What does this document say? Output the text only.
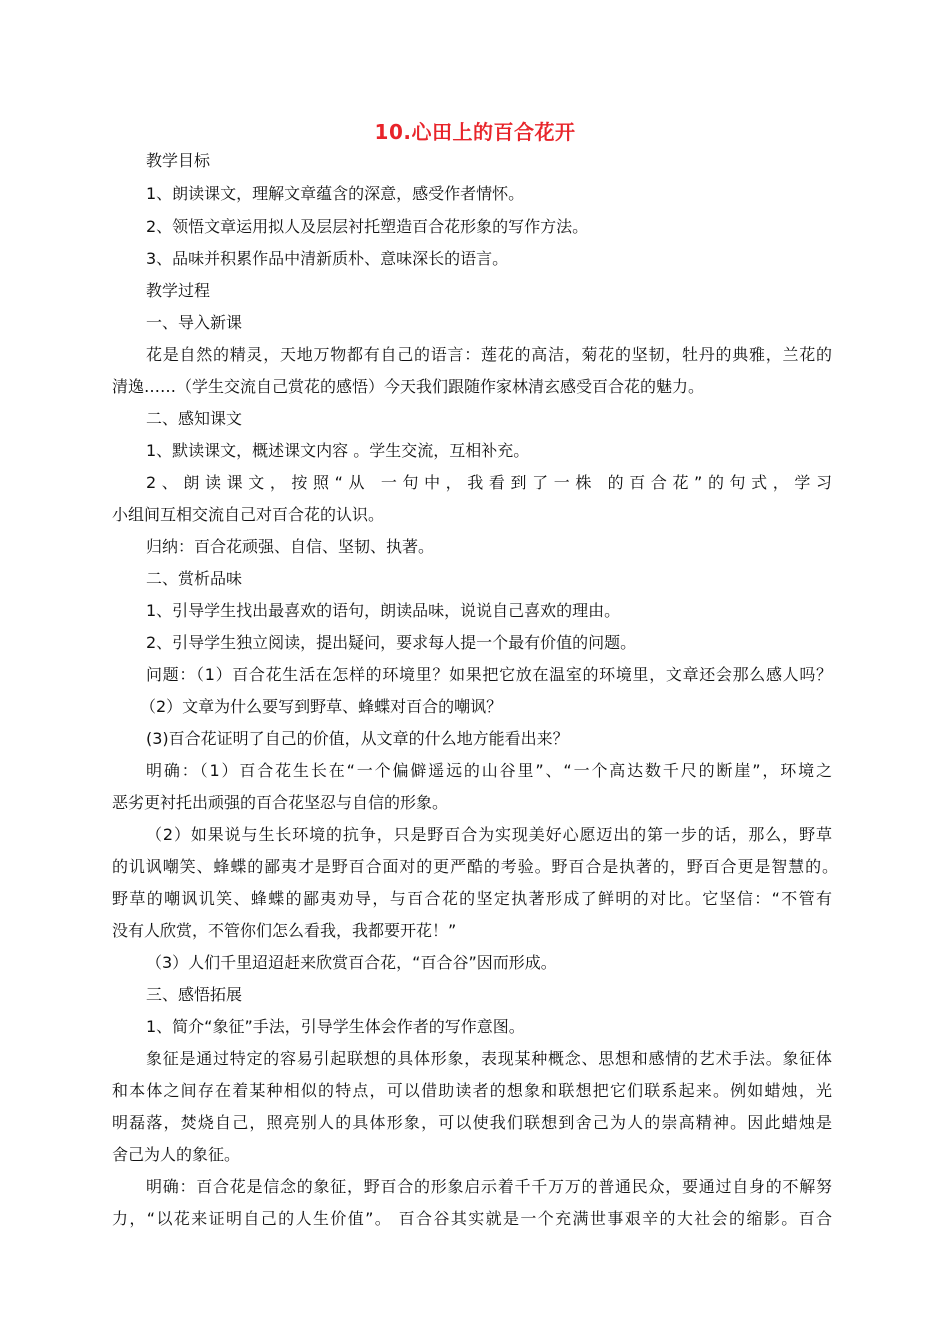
10.心田上的百合花开
教学目标
1、朗读课文，理解文章蕴含的深意，感受作者情怀。
2、领悟文章运用拟人及层层衬托塑造百合花形象的写作方法。
3、品味并积累作品中清新质朴、意味深长的语言。
教学过程
一、导入新课
花是自然的精灵，天地万物都有自己的语言：莲花的高洁，菊花的坚韧，牡丹的典雅，兰花的
清逸……（学生交流自己赏花的感悟）今天我们跟随作家林清玄感受百合花的魅力。
二、感知课文
1、默读课文，概述课文内容 。学生交流，互相补充。
2、朗读课文，按照“从 一句中，我看到了一株 的百合花”的句式，学习
小组间互相交流自己对百合花的认识。
归纳：百合花顽强、自信、坚韧、执著。
二、赏析品味
1、引导学生找出最喜欢的语句，朗读品味，说说自己喜欢的理由。
2、引导学生独立阅读，提出疑问，要求每人提一个最有价值的问题。
问题：（1）百合花生活在怎样的环境里？如果把它放在温室的环境里，文章还会那么感人吗？
（2）文章为什么要写到野草、蜂蝶对百合的嘲讽？
(3)百合花证明了自己的价值，从文章的什么地方能看出来？
明确：（1）百合花生长在“一个偏僻遥远的山谷里”、“一个高达数千尺的断崖”，环境之
恶劣更衬托出顽强的百合花坚忍与自信的形象。
（2）如果说与生长环境的抗争，只是野百合为实现美好心愿迈出的第一步的话，那么，野草
的讥讽嘲笑、蜂蝶的鄙夷才是野百合面对的更严酷的考验。野百合是执著的，野百合更是智慧的。
野草的嘲讽讥笑、蜂蝶的鄙夷劝导，与百合花的坚定执著形成了鲜明的对比。它坚信：“不管有
没有人欣赏，不管你们怎么看我，我都要开花！”
（3）人们千里迢迢赶来欣赏百合花，“百合谷”因而形成。
三、感悟拓展
1、简介“象征”手法，引导学生体会作者的写作意图。
象征是通过特定的容易引起联想的具体形象，表现某种概念、思想和感情的艺术手法。象征体
和本体之间存在着某种相似的特点，可以借助读者的想象和联想把它们联系起来。例如蜡烛，光
明磊落，焚烧自己，照亮别人的具体形象，可以使我们联想到舍己为人的崇高精神。因此蜡烛是
舍己为人的象征。
明确：百合花是信念的象征，野百合的形象启示着千千万万的普通民众，要通过自身的不解努
力，“以花来证明自己的人生价值”。 百合谷其实就是一个充满世事艰辛的大社会的缩影。百合
